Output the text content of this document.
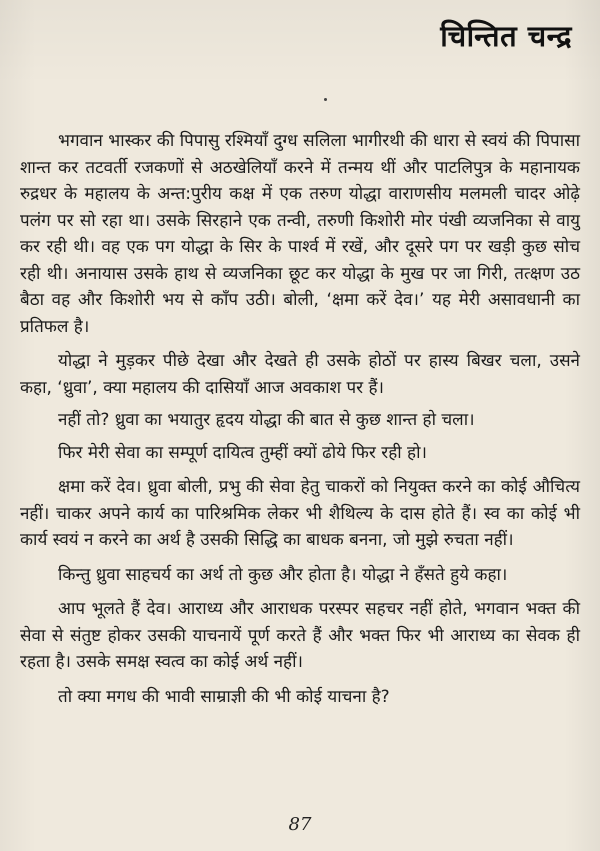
चिन्तित चन्द्र

भगवान भास्कर की पिपासु रश्मियाँ दुग्ध सलिला भागीरथी की धारा से स्वयं की पिपासा शान्त कर तटवर्ती रजकणों से अठखेलियाँ करने में तन्मय थीं और पाटलिपुत्र के महानायक रुद्रधर के महालय के अन्त:पुरीय कक्ष में एक तरुण योद्धा वाराणसीय मलमली चादर ओढ़े पलंग पर सो रहा था। उसके सिरहाने एक तन्वी, तरुणी किशोरी मोर पंखी व्यजनिका से वायु कर रही थी। वह एक पग योद्धा के सिर के पार्श्व में रखें, और दूसरे पग पर खड़ी कुछ सोच रही थी। अनायास उसके हाथ से व्यजनिका छूट कर योद्धा के मुख पर जा गिरी, तत्क्षण उठ बैठा वह और किशोरी भय से काँप उठी। बोली, ‘क्षमा करें देव।’ यह मेरी असावधानी का प्रतिफल है।

योद्धा ने मुड़कर पीछे देखा और देखते ही उसके होठों पर हास्य बिखर चला, उसने कहा, ‘ध्रुवा’, क्या महालय की दासियाँ आज अवकाश पर हैं।

नहीं तो? ध्रुवा का भयातुर हृदय योद्धा की बात से कुछ शान्त हो चला।

फिर मेरी सेवा का सम्पूर्ण दायित्व तुम्हीं क्यों ढोये फिर रही हो।

क्षमा करें देव। ध्रुवा बोली, प्रभु की सेवा हेतु चाकरों को नियुक्त करने का कोई औचित्य नहीं। चाकर अपने कार्य का पारिश्रमिक लेकर भी शैथिल्य के दास होते हैं। स्व का कोई भी कार्य स्वयं न करने का अर्थ है उसकी सिद्धि का बाधक बनना, जो मुझे रुचता नहीं।

किन्तु ध्रुवा साहचर्य का अर्थ तो कुछ और होता है। योद्धा ने हँसते हुये कहा।

आप भूलते हैं देव। आराध्य और आराधक परस्पर सहचर नहीं होते, भगवान भक्त की सेवा से संतुष्ट होकर उसकी याचनायें पूर्ण करते हैं और भक्त फिर भी आराध्य का सेवक ही रहता है। उसके समक्ष स्वत्व का कोई अर्थ नहीं।

तो क्या मगध की भावी साम्राज्ञी की भी कोई याचना है?

87
